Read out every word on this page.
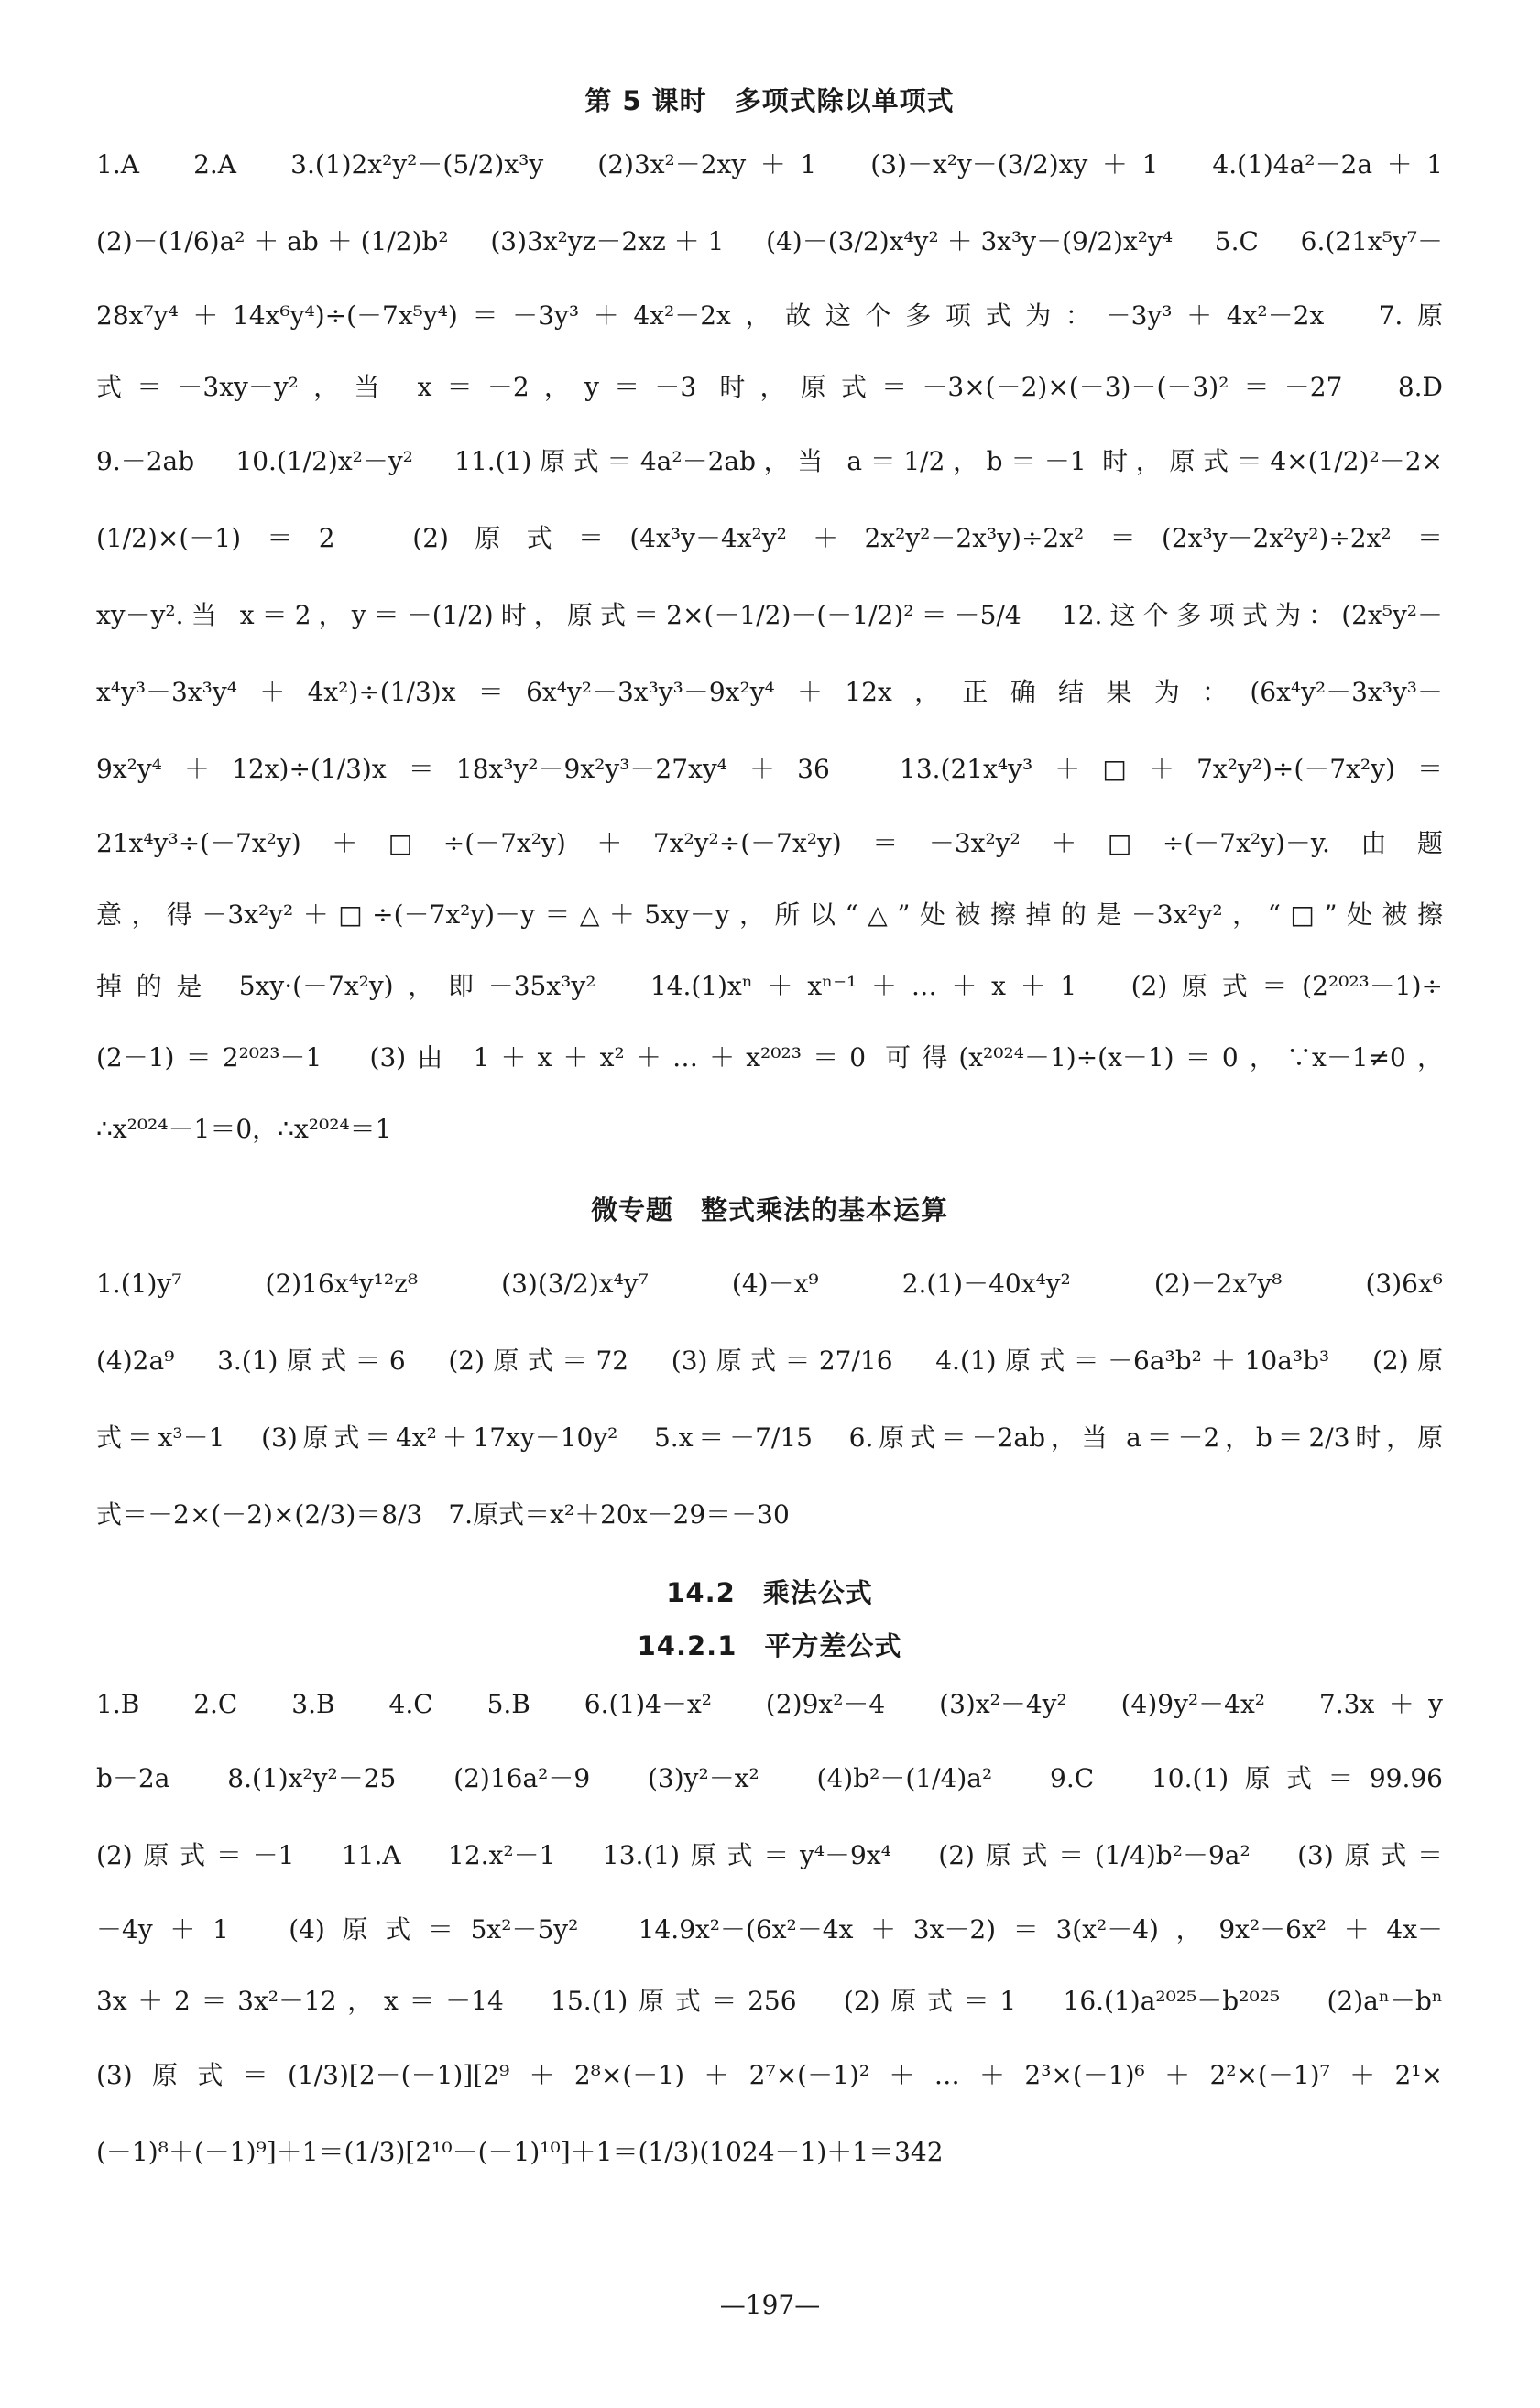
第 5 课时　多项式除以单项式
1.A　2.A　3.(1)2x²y²－(5/2)x³y　(2)3x²－2xy＋1　(3)－x²y－(3/2)xy＋1　4.(1)4a²－2a＋1
(2)－(1/6)a²＋ab＋(1/2)b²　(3)3x²yz－2xz＋1　(4)－(3/2)x⁴y²＋3x³y－(9/2)x²y⁴　5.C　6.(21x⁵y⁷－
28x⁷y⁴＋14x⁶y⁴)÷(－7x⁵y⁴)＝－3y³＋4x²－2x，故这个多项式为：－3y³＋4x²－2x　7.原
式＝－3xy－y²，当 x＝－2，y＝－3 时，原式＝－3×(－2)×(－3)－(－3)²＝－27　8.D
9.－2ab　10.(1/2)x²－y²　11.(1)原式＝4a²－2ab，当 a＝1/2，b＝－1 时，原式＝4×(1/2)²－2×
(1/2)×(－1)＝2　(2)原式＝(4x³y－4x²y²＋2x²y²－2x³y)÷2x²＝(2x³y－2x²y²)÷2x²＝
xy－y².当 x＝2，y＝－(1/2)时，原式＝2×(－1/2)－(－1/2)²＝－5/4　12.这个多项式为：(2x⁵y²－
x⁴y³－3x³y⁴＋4x²)÷(1/3)x＝6x⁴y²－3x³y³－9x²y⁴＋12x，正确结果为：(6x⁴y²－3x³y³－
9x²y⁴＋12x)÷(1/3)x＝18x³y²－9x²y³－27xy⁴＋36　13.(21x⁴y³＋□＋7x²y²)÷(－7x²y)＝
21x⁴y³÷(－7x²y)＋□÷(－7x²y)＋7x²y²÷(－7x²y)＝－3x²y²＋□÷(－7x²y)－y.由题
意，得－3x²y²＋□÷(－7x²y)－y＝△＋5xy－y，所以“△”处被擦掉的是－3x²y²，“□”处被擦
掉的是 5xy·(－7x²y)，即－35x³y²　14.(1)xⁿ＋xⁿ⁻¹＋…＋x＋1　(2)原式＝(2²⁰²³－1)÷
(2－1)＝2²⁰²³－1　(3)由 1＋x＋x²＋…＋x²⁰²³＝0 可得(x²⁰²⁴－1)÷(x－1)＝0，∵x－1≠0，
∴x²⁰²⁴－1＝0，∴x²⁰²⁴＝1
微专题　整式乘法的基本运算
1.(1)y⁷　(2)16x⁴y¹²z⁸　(3)(3/2)x⁴y⁷　(4)－x⁹　2.(1)－40x⁴y²　(2)－2x⁷y⁸　(3)6x⁶
(4)2a⁹　3.(1)原式＝6　(2)原式＝72　(3)原式＝27/16　4.(1)原式＝－6a³b²＋10a³b³　(2)原
式＝x³－1　(3)原式＝4x²＋17xy－10y²　5.x＝－7/15　6.原式＝－2ab，当 a＝－2，b＝2/3时，原
式＝－2×(－2)×(2/3)＝8/3　7.原式＝x²＋20x－29＝－30
14.2　乘法公式
14.2.1　平方差公式
1.B　2.C　3.B　4.C　5.B　6.(1)4－x²　(2)9x²－4　(3)x²－4y²　(4)9y²－4x²　7.3x＋y
b－2a　8.(1)x²y²－25　(2)16a²－9　(3)y²－x²　(4)b²－(1/4)a²　9.C　10.(1)原式＝99.96
(2)原式＝－1　11.A　12.x²－1　13.(1)原式＝y⁴－9x⁴　(2)原式＝(1/4)b²－9a²　(3)原式＝
－4y＋1　(4)原式＝5x²－5y²　14.9x²－(6x²－4x＋3x－2)＝3(x²－4)，9x²－6x²＋4x－
3x＋2＝3x²－12，x＝－14　15.(1)原式＝256　(2)原式＝1　16.(1)a²⁰²⁵－b²⁰²⁵　(2)aⁿ－bⁿ
(3)原式＝(1/3)[2－(－1)][2⁹＋2⁸×(－1)＋2⁷×(－1)²＋…＋2³×(－1)⁶＋2²×(－1)⁷＋2¹×
(－1)⁸＋(－1)⁹]＋1＝(1/3)[2¹⁰－(－1)¹⁰]＋1＝(1/3)(1024－1)＋1＝342
—197—
